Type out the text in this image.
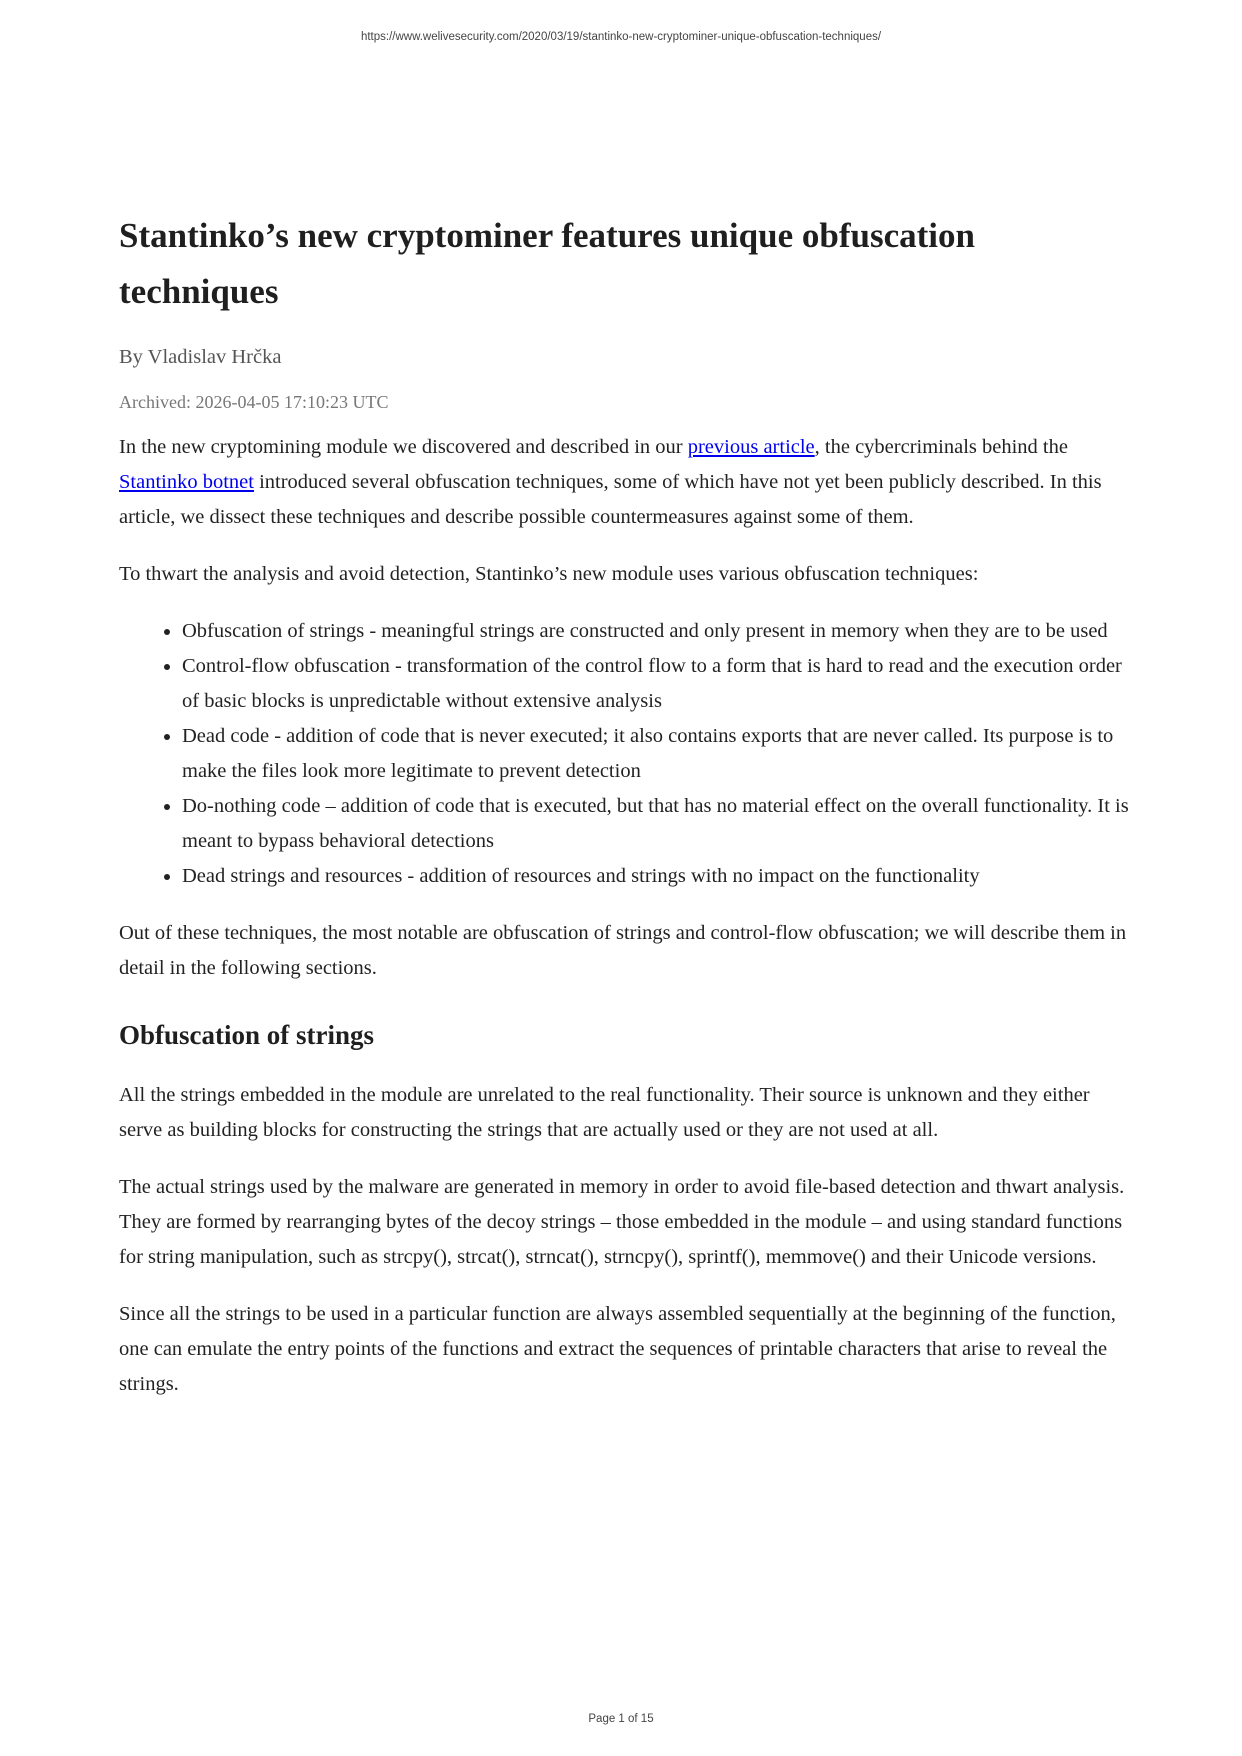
https://www.welivesecurity.com/2020/03/19/stantinko-new-cryptominer-unique-obfuscation-techniques/
Stantinko’s new cryptominer features unique obfuscation techniques
By Vladislav Hrčka
Archived: 2026-04-05 17:10:23 UTC

In the new cryptomining module we discovered and described in our previous article, the cybercriminals behind the Stantinko botnet introduced several obfuscation techniques, some of which have not yet been publicly described. In this article, we dissect these techniques and describe possible countermeasures against some of them.

To thwart the analysis and avoid detection, Stantinko’s new module uses various obfuscation techniques:

• Obfuscation of strings - meaningful strings are constructed and only present in memory when they are to be used
• Control-flow obfuscation - transformation of the control flow to a form that is hard to read and the execution order of basic blocks is unpredictable without extensive analysis
• Dead code - addition of code that is never executed; it also contains exports that are never called. Its purpose is to make the files look more legitimate to prevent detection
• Do-nothing code – addition of code that is executed, but that has no material effect on the overall functionality. It is meant to bypass behavioral detections
• Dead strings and resources - addition of resources and strings with no impact on the functionality

Out of these techniques, the most notable are obfuscation of strings and control-flow obfuscation; we will describe them in detail in the following sections.

Obfuscation of strings

All the strings embedded in the module are unrelated to the real functionality. Their source is unknown and they either serve as building blocks for constructing the strings that are actually used or they are not used at all.

The actual strings used by the malware are generated in memory in order to avoid file-based detection and thwart analysis. They are formed by rearranging bytes of the decoy strings – those embedded in the module – and using standard functions for string manipulation, such as strcpy(), strcat(), strncat(), strncpy(), sprintf(), memmove() and their Unicode versions.

Since all the strings to be used in a particular function are always assembled sequentially at the beginning of the function, one can emulate the entry points of the functions and extract the sequences of printable characters that arise to reveal the strings.

Page 1 of 15
